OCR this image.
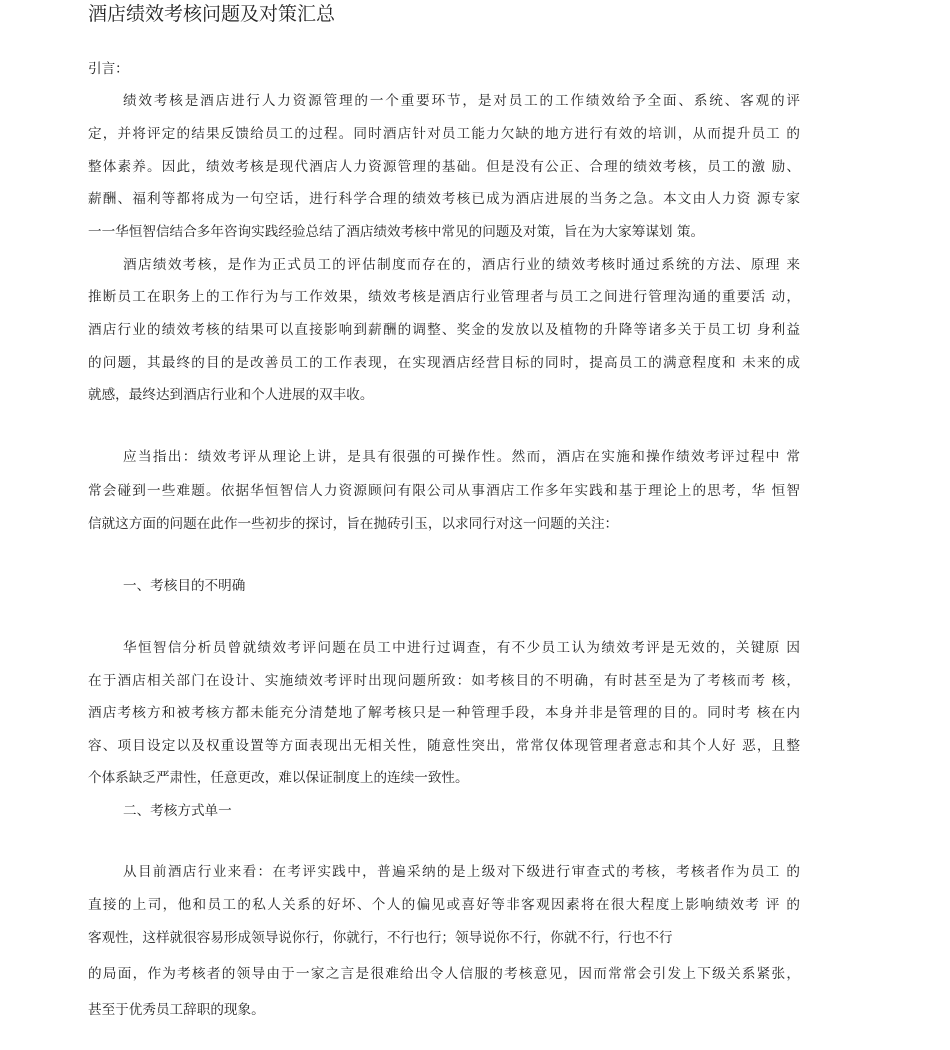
酒店绩效考核问题及对策汇总
引言：
绩效考核是酒店进行人力资源管理的一个重要环节，是对员工的工作绩效给予全面、系统、客观的评
定，并将评定的结果反馈给员工的过程。同时酒店针对员工能力欠缺的地方进行有效的培训，从而提升员工 的
整体素养。因此，绩效考核是现代酒店人力资源管理的基础。但是没有公正、合理的绩效考核，员工的激 励、
薪酬、福利等都将成为一句空话，进行科学合理的绩效考核已成为酒店进展的当务之急。本文由人力资 源专家
一一华恒智信结合多年咨询实践经验总结了酒店绩效考核中常见的问题及对策，旨在为大家筹谋划 策。
酒店绩效考核，是作为正式员工的评估制度而存在的，酒店行业的绩效考核时通过系统的方法、原理 来
推断员工在职务上的工作行为与工作效果，绩效考核是酒店行业管理者与员工之间进行管理沟通的重要活 动，
酒店行业的绩效考核的结果可以直接影响到薪酬的调整、奖金的发放以及植物的升降等诸多关于员工切 身利益
的问题，其最终的目的是改善员工的工作表现，在实现酒店经营目标的同时，提高员工的满意程度和 未来的成
就感，最终达到酒店行业和个人进展的双丰收。
应当指出：绩效考评从理论上讲，是具有很强的可操作性。然而，酒店在实施和操作绩效考评过程中 常
常会碰到一些难题。依据华恒智信人力资源顾问有限公司从事酒店工作多年实践和基于理论上的思考，华 恒智
信就这方面的问题在此作一些初步的探讨，旨在抛砖引玉，以求同行对这一问题的关注：
一、考核目的不明确
华恒智信分析员曾就绩效考评问题在员工中进行过调查，有不少员工认为绩效考评是无效的，关键原 因
在于酒店相关部门在设计、实施绩效考评时出现问题所致：如考核目的不明确，有时甚至是为了考核而考 核，
酒店考核方和被考核方都未能充分清楚地了解考核只是一种管理手段，本身并非是管理的目的。同时考 核在内
容、项目设定以及权重设置等方面表现出无相关性，随意性突出，常常仅体现管理者意志和其个人好 恶，且整
个体系缺乏严肃性，任意更改，难以保证制度上的连续一致性。
二、考核方式单一
从目前酒店行业来看：在考评实践中，普遍采纳的是上级对下级进行审查式的考核，考核者作为员工 的
直接的上司，他和员工的私人关系的好坏、个人的偏见或喜好等非客观因素将在很大程度上影响绩效考 评 的
客观性，这样就很容易形成领导说你行，你就行，不行也行；领导说你不行，你就不行，行也不行
的局面，作为考核者的领导由于一家之言是很难给出令人信服的考核意见，因而常常会引发上下级关系紧张，
甚至于优秀员工辞职的现象。
